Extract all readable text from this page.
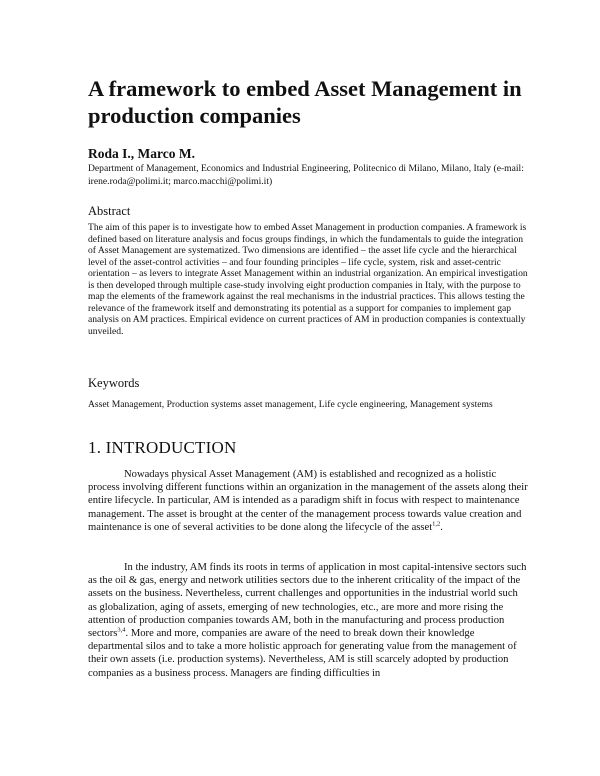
A framework to embed Asset Management in production companies

Roda I., Marco M.

Department of Management, Economics and Industrial Engineering, Politecnico di Milano, Milano, Italy (e-mail: irene.roda@polimi.it; marco.macchi@polimi.it)

Abstract

The aim of this paper is to investigate how to embed Asset Management in production companies. A framework is defined based on literature analysis and focus groups findings, in which the fundamentals to guide the integration of Asset Management are systematized. Two dimensions are identified – the asset life cycle and the hierarchical level of the asset-control activities – and four founding principles – life cycle, system, risk and asset-centric orientation – as levers to integrate Asset Management within an industrial organization. An empirical investigation is then developed through multiple case-study involving eight production companies in Italy, with the purpose to map the elements of the framework against the real mechanisms in the industrial practices. This allows testing the relevance of the framework itself and demonstrating its potential as a support for companies to implement gap analysis on AM practices. Empirical evidence on current practices of AM in production companies is contextually unveiled.

Keywords

Asset Management, Production systems asset management, Life cycle engineering, Management systems

1. INTRODUCTION

Nowadays physical Asset Management (AM) is established and recognized as a holistic process involving different functions within an organization in the management of the assets along their entire lifecycle. In particular, AM is intended as a paradigm shift in focus with respect to maintenance management. The asset is brought at the center of the management process towards value creation and maintenance is one of several activities to be done along the lifecycle of the asset$^{1,2}$.

In the industry, AM finds its roots in terms of application in most capital-intensive sectors such as the oil & gas, energy and network utilities sectors due to the inherent criticality of the impact of the assets on the business. Nevertheless, current challenges and opportunities in the industrial world such as globalization, aging of assets, emerging of new technologies, etc., are more and more rising the attention of production companies towards AM, both in the manufacturing and process production sectors$^{3,4}$. More and more, companies are aware of the need to break down their knowledge departmental silos and to take a more holistic approach for generating value from the management of their own assets (i.e. production systems). Nevertheless, AM is still scarcely adopted by production companies as a business process. Managers are finding difficulties in
